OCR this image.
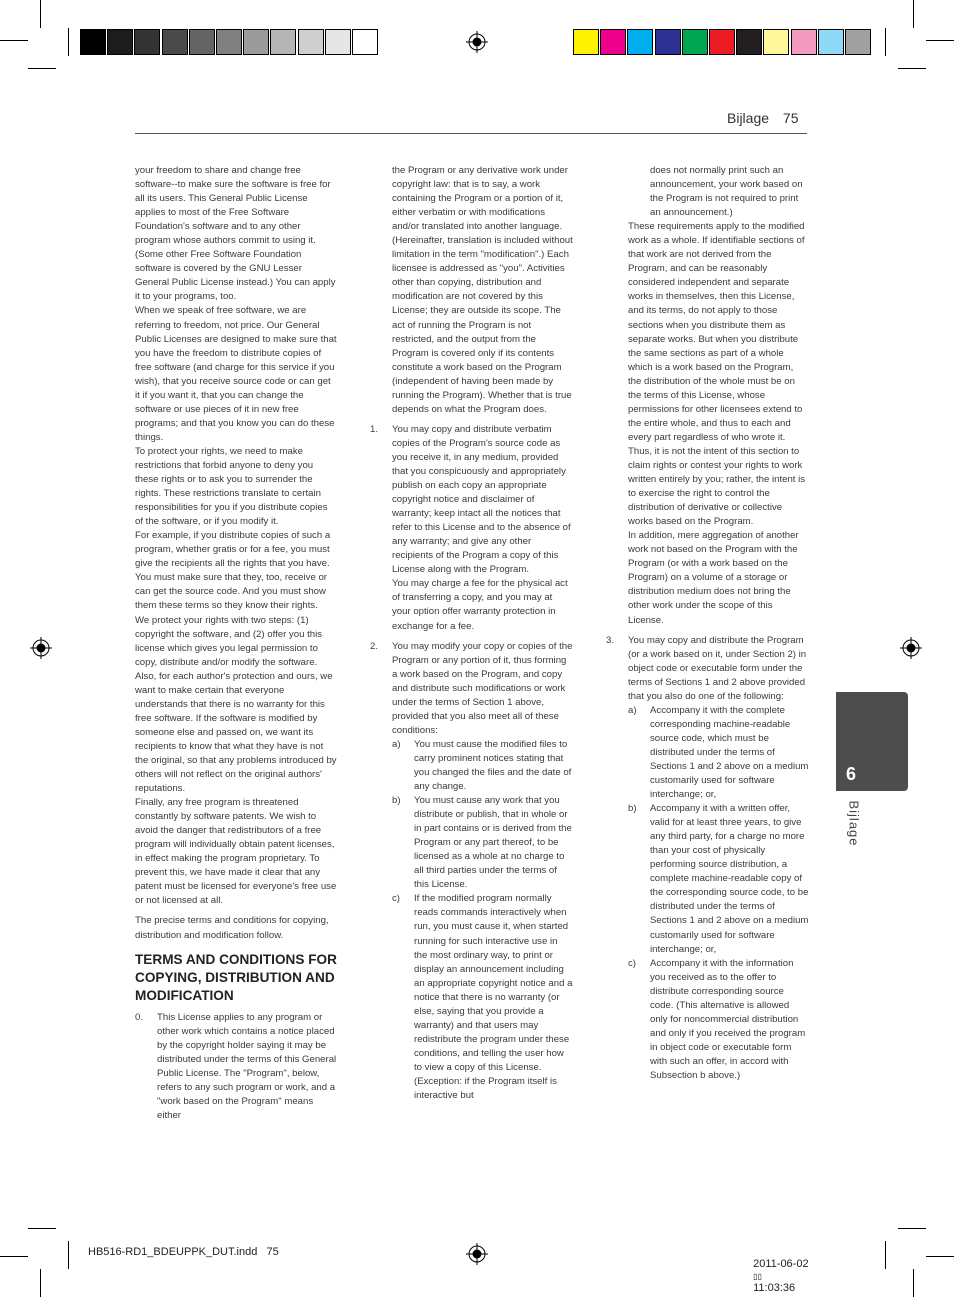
Bijlage 75
6
Bijlage

your freedom to share and change free software--to make sure the software is free for all its users. This General Public License applies to most of the Free Software Foundation's software and to any other program whose authors commit to using it. (Some other Free Software Foundation software is covered by the GNU Lesser General Public License instead.) You can apply it to your programs, too.

When we speak of free software, we are referring to freedom, not price. Our General Public Licenses are designed to make sure that you have the freedom to distribute copies of free software (and charge for this service if you wish), that you receive source code or can get it if you want it, that you can change the software or use pieces of it in new free programs; and that you know you can do these things.

To protect your rights, we need to make restrictions that forbid anyone to deny you these rights or to ask you to surrender the rights. These restrictions translate to certain responsibilities for you if you distribute copies of the software, or if you modify it.

For example, if you distribute copies of such a program, whether gratis or for a fee, you must give the recipients all the rights that you have. You must make sure that they, too, receive or can get the source code. And you must show them these terms so they know their rights.

We protect your rights with two steps: (1) copyright the software, and (2) offer you this license which gives you legal permission to copy, distribute and/or modify the software.

Also, for each author's protection and ours, we want to make certain that everyone understands that there is no warranty for this free software. If the software is modified by someone else and passed on, we want its recipients to know that what they have is not the original, so that any problems introduced by others will not reflect on the original authors' reputations.

Finally, any free program is threatened constantly by software patents. We wish to avoid the danger that redistributors of a free program will individually obtain patent licenses, in effect making the program proprietary. To prevent this, we have made it clear that any patent must be licensed for everyone's free use or not licensed at all.

The precise terms and conditions for copying, distribution and modification follow.

TERMS AND CONDITIONS FOR COPYING, DISTRIBUTION AND MODIFICATION
0.	This License applies to any program or other work which contains a notice placed by the copyright holder saying it may be distributed under the terms of this General Public License. The "Program", below, refers to any such program or work, and a "work based on the Program" means either

the Program or any derivative work under copyright law: that is to say, a work containing the Program or a portion of it, either verbatim or with modifications and/or translated into another language. (Hereinafter, translation is included without limitation in the term "modification".) Each licensee is addressed as "you". Activities other than copying, distribution and modification are not covered by this License; they are outside its scope. The act of running the Program is not restricted, and the output from the Program is covered only if its contents constitute a work based on the Program (independent of having been made by running the Program). Whether that is true depends on what the Program does.

1.	You may copy and distribute verbatim copies of the Program's source code as you receive it, in any medium, provided that you conspicuously and appropriately publish on each copy an appropriate copyright notice and disclaimer of warranty; keep intact all the notices that refer to this License and to the absence of any warranty; and give any other recipients of the Program a copy of this License along with the Program.
You may charge a fee for the physical act of transferring a copy, and you may at your option offer warranty protection in exchange for a fee.
2.	You may modify your copy or copies of the Program or any portion of it, thus forming a work based on the Program, and copy and distribute such modifications or work under the terms of Section 1 above, provided that you also meet all of these conditions:
a)	You must cause the modified files to carry prominent notices stating that you changed the files and the date of any change.
b)	You must cause any work that you distribute or publish, that in whole or in part contains or is derived from the Program or any part thereof, to be licensed as a whole at no charge to all third parties under the terms of this License.
c)	If the modified program normally reads commands interactively when run, you must cause it, when started running for such interactive use in the most ordinary way, to print or display an announcement including an appropriate copyright notice and a notice that there is no warranty (or else, saying that you provide a warranty) and that users may redistribute the program under these conditions, and telling the user how to view a copy of this License. (Exception: if the Program itself is interactive but

does not normally print such an announcement, your work based on the Program is not required to print an announcement.)

These requirements apply to the modified work as a whole. If identifiable sections of that work are not derived from the Program, and can be reasonably considered independent and separate works in themselves, then this License, and its terms, do not apply to those sections when you distribute them as separate works. But when you distribute the same sections as part of a whole which is a work based on the Program, the distribution of the whole must be on the terms of this License, whose permissions for other licensees extend to the entire whole, and thus to each and every part regardless of who wrote it.

Thus, it is not the intent of this section to claim rights or contest your rights to work written entirely by you; rather, the intent is to exercise the right to control the distribution of derivative or collective works based on the Program.

In addition, mere aggregation of another work not based on the Program with the Program (or with a work based on the Program) on a volume of a storage or distribution medium does not bring the other work under the scope of this License.

3.	You may copy and distribute the Program (or a work based on it, under Section 2) in object code or executable form under the terms of Sections 1 and 2 above provided that you also do one of the following:
a)	Accompany it with the complete corresponding machine-readable source code, which must be distributed under the terms of Sections 1 and 2 above on a medium customarily used for software interchange; or,
b)	Accompany it with a written offer, valid for at least three years, to give any third party, for a charge no more than your cost of physically performing source distribution, a complete machine-readable copy of the corresponding source code, to be distributed under the terms of Sections 1 and 2 above on a medium customarily used for software interchange; or,
c)	Accompany it with the information you received as to the offer to distribute corresponding source code. (This alternative is allowed only for noncommercial distribution and only if you received the program in object code or executable form with such an offer, in accord with Subsection b above.)
HB516-RD1_BDEUPPK_DUT.indd   75

2011-06-02
▯▯
11:03:36
